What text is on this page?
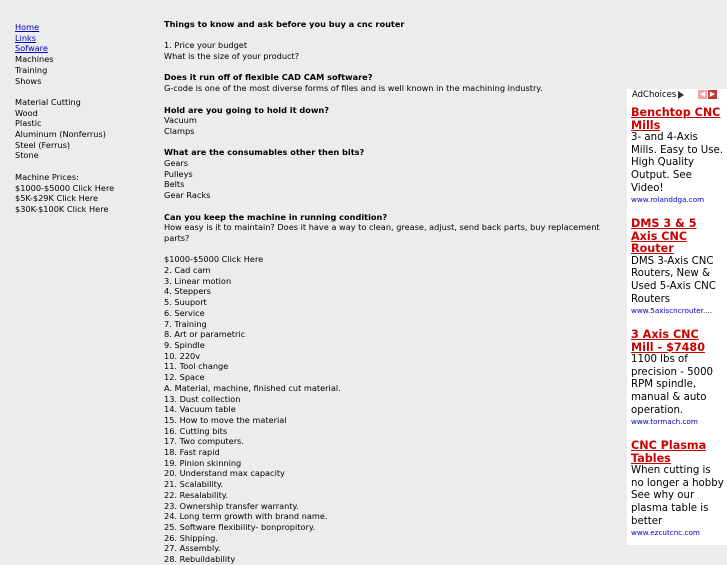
Home
Links
Sofware
Machines
Training
Shows
Material Cutting
Wood
Plastic
Aluminum (Nonferrus)
Steel (Ferrus)
Stone
Machine Prices:
$1000-$5000 Click Here
$5K-$29K Click Here
$30K-$100K Click Here
Things to know and ask before you buy a cnc router
1. Price your budget
What is the size of your product?
Does it run off of flexible CAD CAM software?
G-code is one of the most diverse forms of files and is well known in the machining industry.
Hold are you going to hold it down?
Vacuum
Clamps
What are the consumables other then bits?
Gears
Pulleys
Belts
Gear Racks
Can you keep the machine in running condition?
How easy is it to maintain? Does it have a way to clean, grease, adjust, send back parts, buy replacement parts?
$1000-$5000 Click Here
2. Cad cam
3. Linear motion
4. Steppers
5. Suuport
6. Service
7. Training
8. Art or parametric
9. Spindle
10. 220v
11. Tool change
12. Space
A. Material, machine, finished cut material.
13. Dust collection
14. Vacuum table
15. How to move the material
16. Cutting bits
17. Two computers.
18. Fast rapid
19. Pinion skinning
20. Understand max capacity
21. Scalability.
22. Resalability.
23. Ownership transfer warranty.
24. Long term growth with brand name.
25. Software flexibility- bonpropitory.
26. Shipping.
27. Assembly.
28. Rebuildability
AdChoices	◀ ▶
Benchtop CNC Mills
3- and 4-Axis Mills. Easy to Use. High Quality Output. See Video!
www.rolanddga.com
DMS 3 & 5 Axis CNC Router
DMS 3-Axis CNC Routers, New & Used 5-Axis CNC Routers
www.5axiscncrouter....
3 Axis CNC Mill - $7480
1100 lbs of precision - 5000 RPM spindle, manual & auto operation.
www.tormach.com
CNC Plasma Tables
When cutting is no longer a hobby See why our plasma table is better
www.ezcutcnc.com
